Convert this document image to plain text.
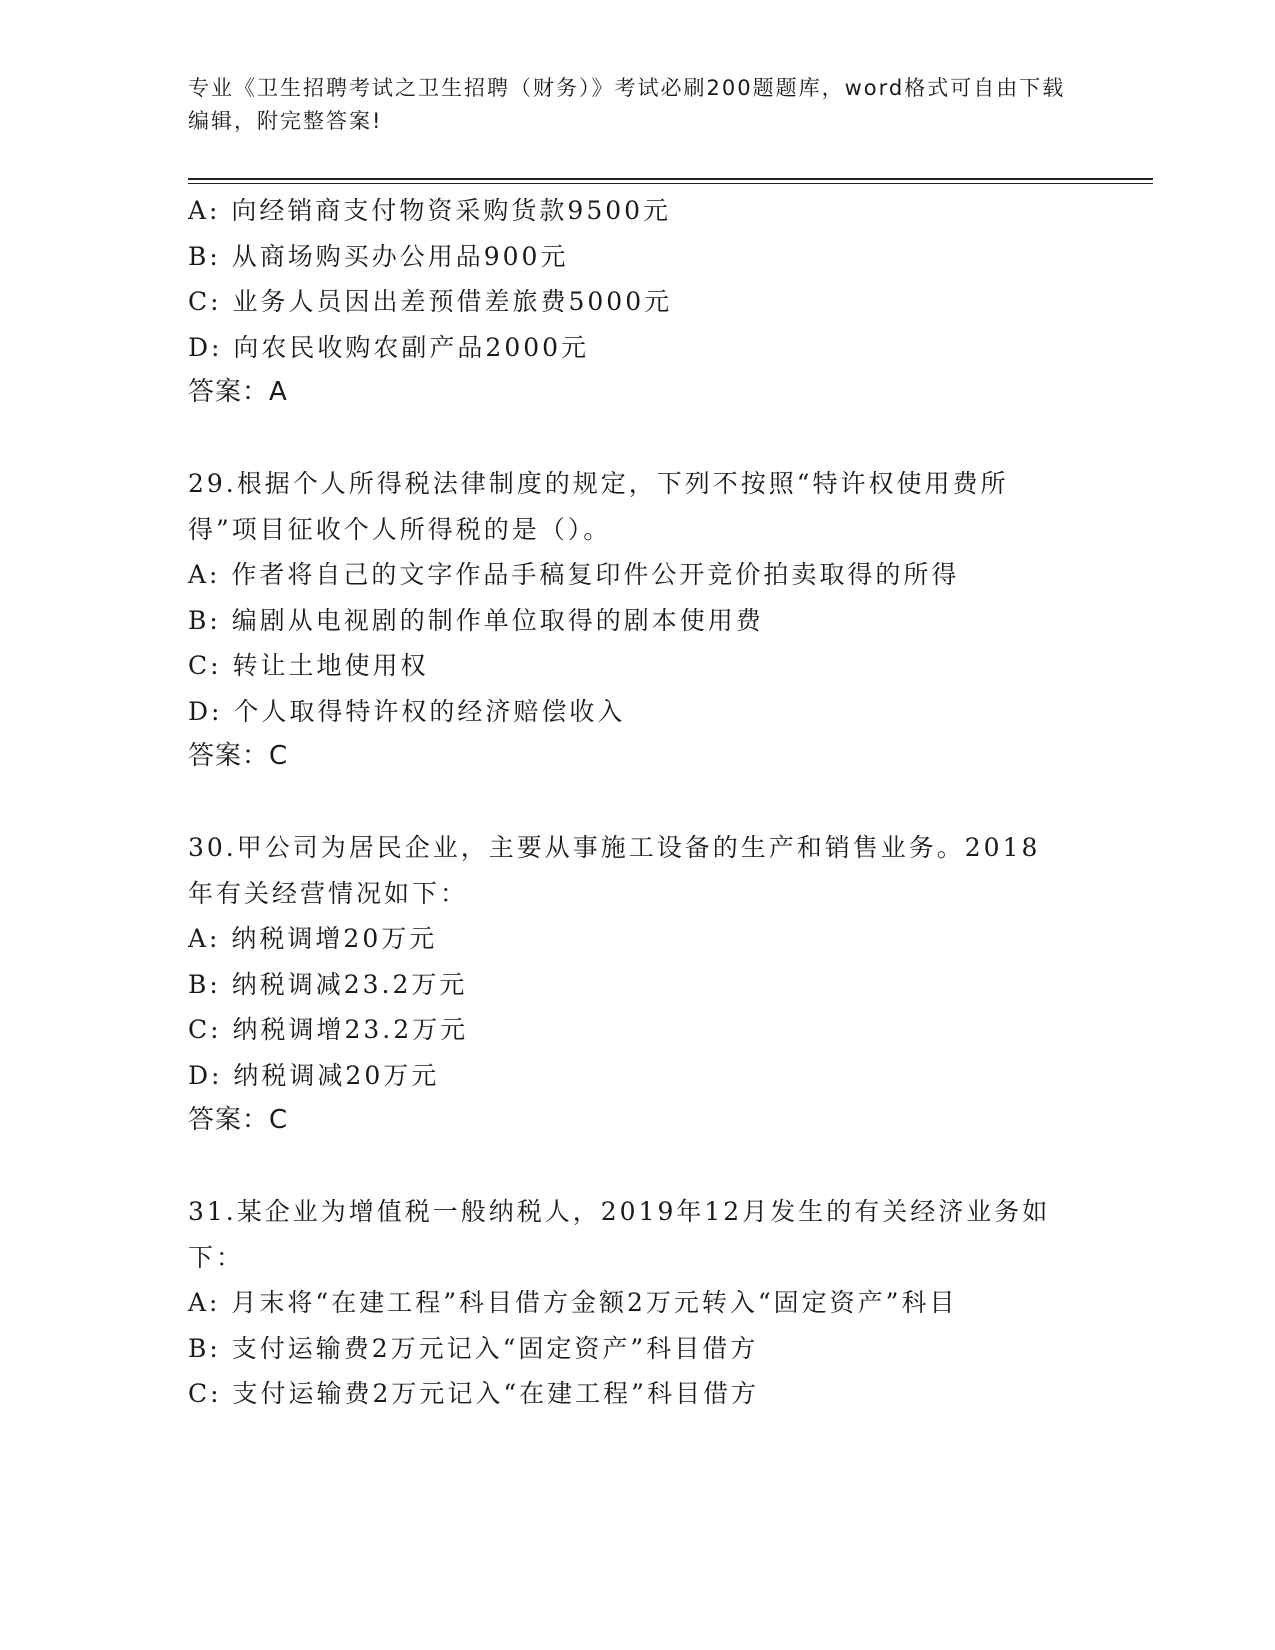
专业《卫生招聘考试之卫生招聘（财务）》考试必刷200题题库，word格式可自由下载编辑，附完整答案!
A: 向经销商支付物资采购货款9500元
B: 从商场购买办公用品900元
C: 业务人员因出差预借差旅费5000元
D: 向农民收购农副产品2000元
答案：A
29.根据个人所得税法律制度的规定，下列不按照“特许权使用费所得”项目征收个人所得税的是（）。
A: 作者将自己的文字作品手稿复印件公开竞价拍卖取得的所得
B: 编剧从电视剧的制作单位取得的剧本使用费
C: 转让土地使用权
D: 个人取得特许权的经济赔偿收入
答案：C
30.甲公司为居民企业，主要从事施工设备的生产和销售业务。2018年有关经营情况如下：
A: 纳税调增20万元
B: 纳税调减23.2万元
C: 纳税调增23.2万元
D: 纳税调减20万元
答案：C
31.某企业为增值税一般纳税人，2019年12月发生的有关经济业务如下：
A: 月末将“在建工程”科目借方金额2万元转入“固定资产”科目
B: 支付运输费2万元记入“固定资产”科目借方
C: 支付运输费2万元记入“在建工程”科目借方
